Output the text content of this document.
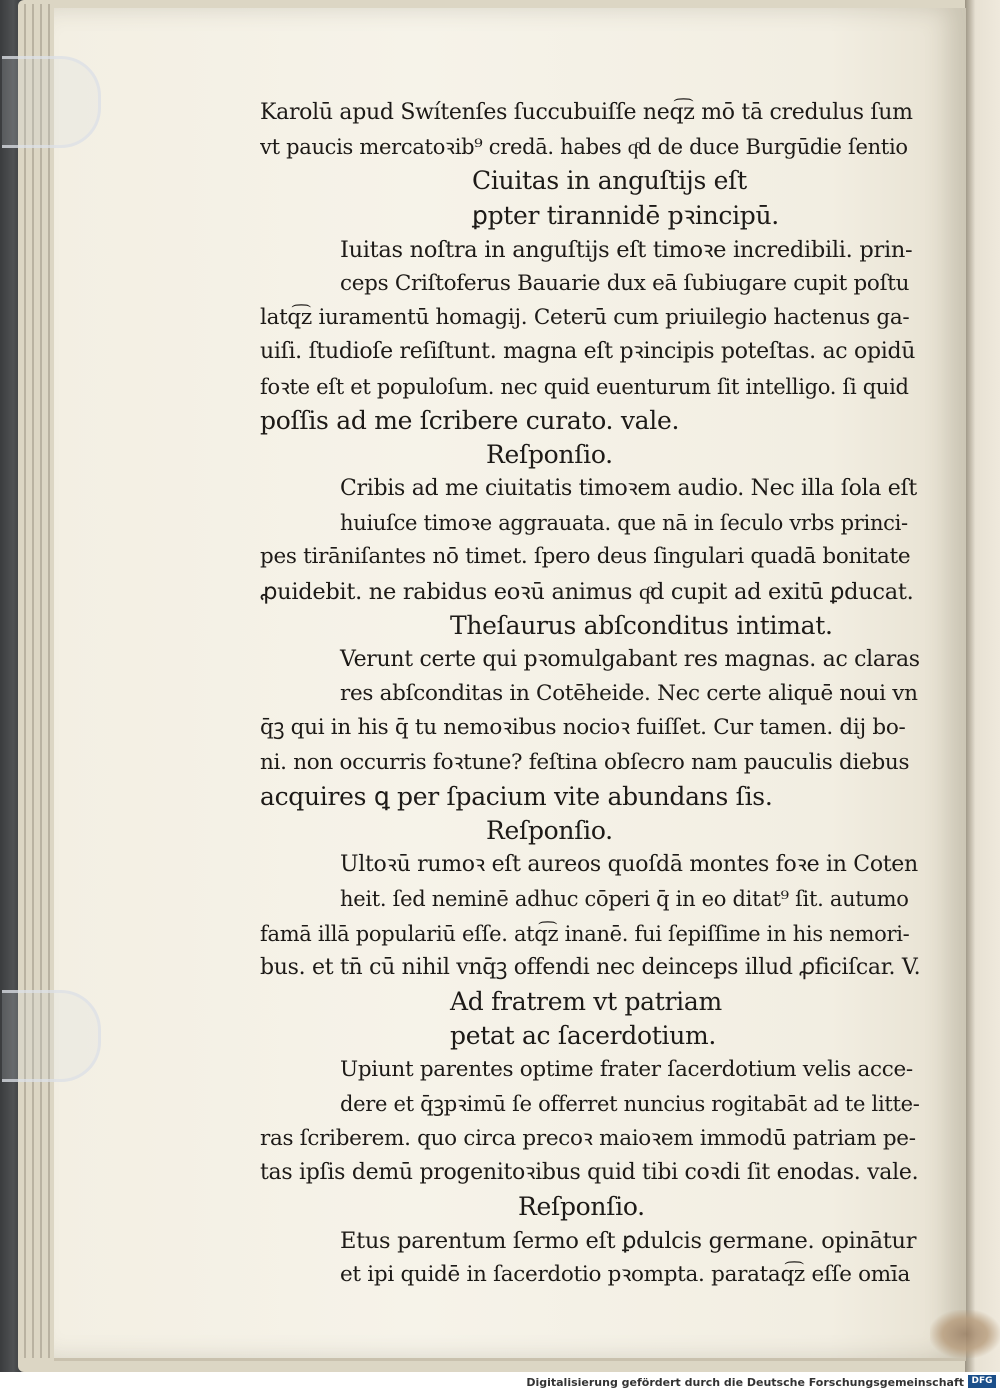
Karolū apud Swítenſes ſuccubuiſſe neq͡z mō tā credulus ſum
vt paucis mercatoꝛib⁹ credā. habes qͦd de duce Burgūdie ſentio
Ciuitas in anguſtijs eſt
ꝑpter tirannidē pꝛincipū.
Iuitas noſtra in anguſtijs eſt timoꝛe incredibili. prin-
ceps Criſtoferus Bauarie dux eā ſubiugare cupit poſtu
latq͡z iuramentū homagij. Ceterū cum priuilegio hactenus ga-
uiſi. ſtudioſe reſiſtunt. magna eſt pꝛincipis poteſtas. ac opidū
foꝛte eſt et populoſum. nec quid euenturum ſit intelligo. ſi quid
poſſis ad me ſcribere curato. vale.
Reſponſio.
Cribis ad me ciuitatis timoꝛem audio. Nec illa ſola eſt
huiuſce timoꝛe aggrauata. que nā in ſeculo vrbs princi-
pes tirāniſantes nō timet. ſpero deus ſingulari quadā bonitate
ꝓuidebit. ne rabidus eoꝛū animus qͦd cupit ad exitū ꝑducat.
Theſaurus abſconditus intimat.
Verunt certe qui pꝛomulgabant res magnas. ac claras
res abſconditas in Cotēheide. Nec certe aliquē noui vn
q̄ꝫ qui in his q̄ tu nemoꝛibus nocioꝛ fuiſſet. Cur tamen. dij bo-
ni. non occurris foꝛtune? feſtina obſecro nam pauculis diebus
acquires ꝗ per ſpacium vite abundans ſis.
Reſponſio.
Ultoꝛū rumoꝛ eſt aureos quoſdā montes foꝛe in Coten
heit. ſed neminē adhuc cōperi q̄ in eo ditat⁹ ſit. autumo
famā illā populariū eſſe. atq͡z inanē. fui ſepiſſime in his nemori-
bus. et tn̄ cū nihil vnq̄ꝫ offendi nec deinceps illud ꝓficiſcar. V.
Ad fratrem vt patriam
petat ac ſacerdotium.
Upiunt parentes optime frater ſacerdotium velis acce-
dere et q̄ꝫpꝛimū ſe offerret nuncius rogitabāt ad te litte-
ras ſcriberem. quo circa precoꝛ maioꝛem immodū patriam pe-
tas ipſis demū progenitoꝛibus quid tibi coꝛdi ſit enodas. vale.
Reſponſio.
Etus parentum ſermo eſt ꝑdulcis germane. opinātur
et ipi quidē in ſacerdotio pꝛompta. parataq͡z eſſe omīa
Digitalisierung gefördert durch die Deutsche Forschungsgemeinschaft DFG
